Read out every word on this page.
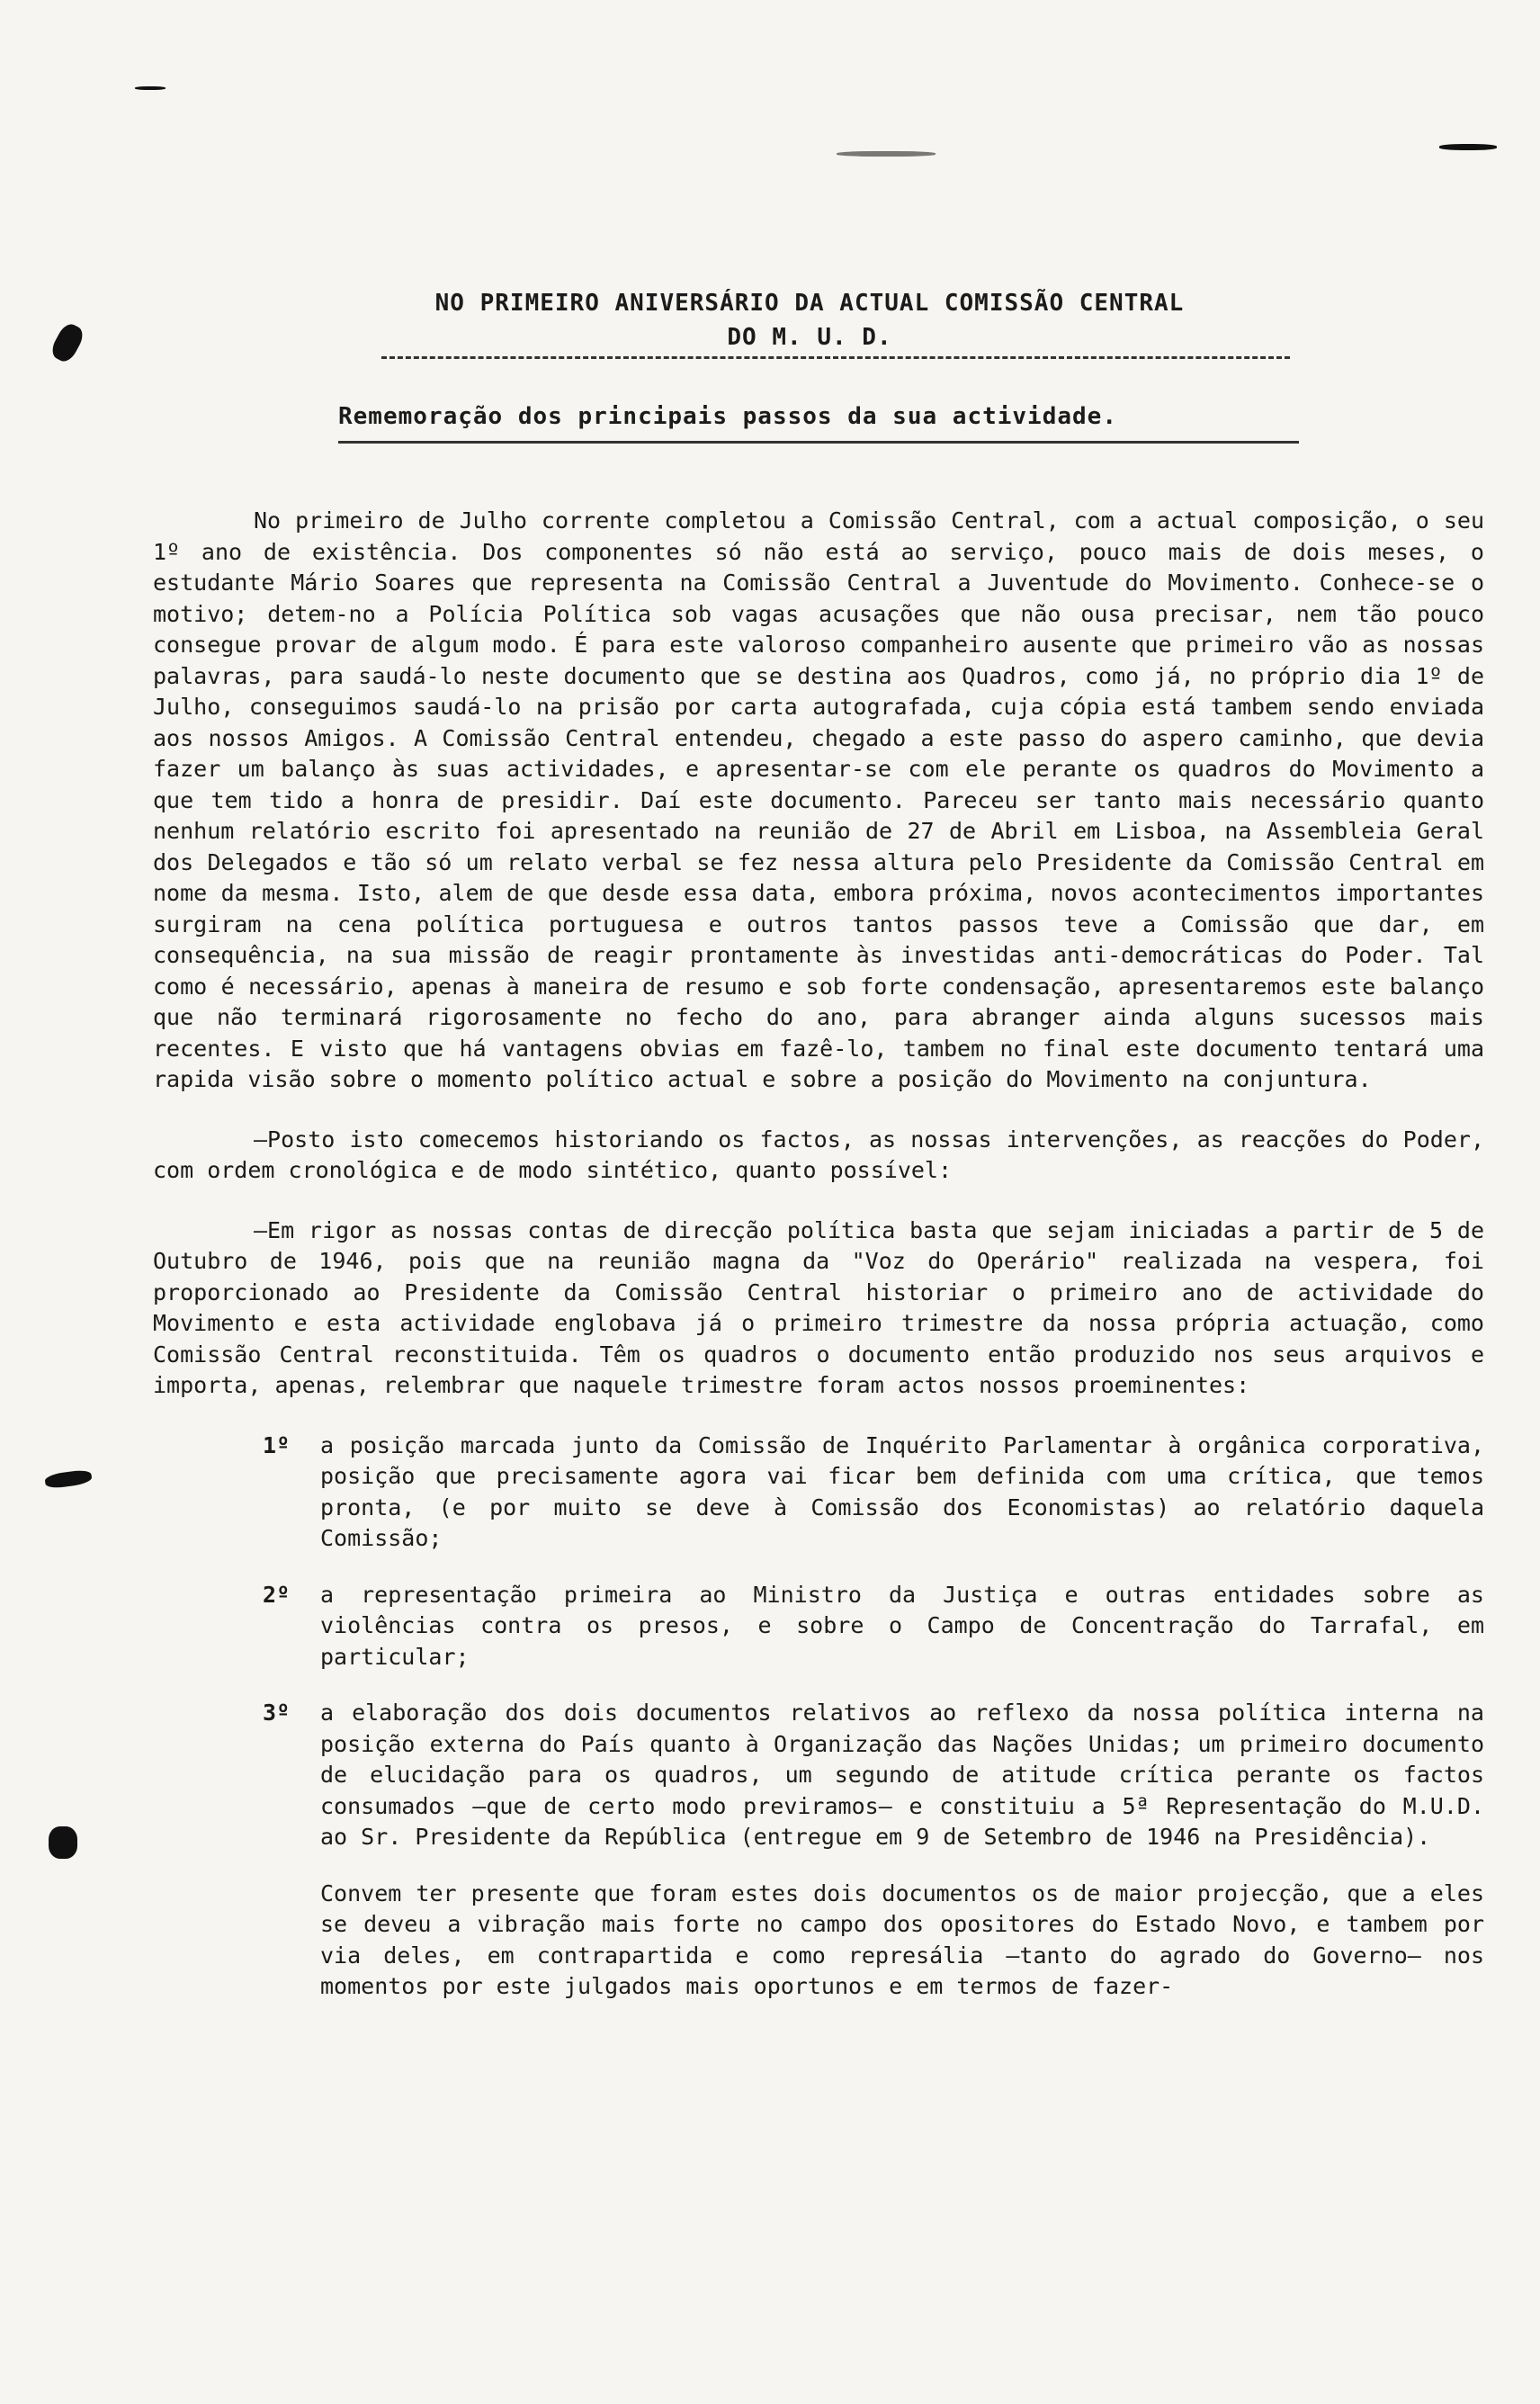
NO PRIMEIRO ANIVERSÁRIO DA ACTUAL COMISSÃO CENTRAL
DO M. U. D.
Rememoração dos principais passos da sua actividade.

No primeiro de Julho corrente completou a Comissão Central, com a actual composição, o seu 1º ano de existência. Dos componentes só não está ao serviço, pouco mais de dois meses, o estudante Mário Soares que representa na Comissão Central a Juventude do Movimento. Conhece-se o motivo; detem-no a Polícia Política sob vagas acusações que não ousa precisar, nem tão pouco consegue provar de algum modo. É para este valoroso companheiro ausente que primeiro vão as nossas palavras, para saudá-lo neste documento que se destina aos Quadros, como já, no próprio dia 1º de Julho, conseguimos saudá-lo na prisão por carta autografada, cuja cópia está tambem sendo enviada aos nossos Amigos. A Comissão Central entendeu, chegado a este passo do aspero caminho, que devia fazer um balanço às suas actividades, e apresentar-se com ele perante os quadros do Movimento a que tem tido a honra de presidir. Daí este documento. Pareceu ser tanto mais necessário quanto nenhum relatório escrito foi apresentado na reunião de 27 de Abril em Lisboa, na Assembleia Geral dos Delegados e tão só um relato verbal se fez nessa altura pelo Presidente da Comissão Central em nome da mesma. Isto, alem de que desde essa data, embora próxima, novos acontecimentos importantes surgiram na cena política portuguesa e outros tantos passos teve a Comissão que dar, em consequência, na sua missão de reagir prontamente às investidas anti-democráticas do Poder. Tal como é necessário, apenas à maneira de resumo e sob forte condensação, apresentaremos este balanço que não terminará rigorosamente no fecho do ano, para abranger ainda alguns sucessos mais recentes. E visto que há vantagens obvias em fazê-lo, tambem no final este documento tentará uma rapida visão sobre o momento político actual e sobre a posição do Movimento na conjuntura.

—Posto isto comecemos historiando os factos, as nossas intervenções, as reacções do Poder, com ordem cronológica e de modo sintético, quanto possível:

—Em rigor as nossas contas de direcção política basta que sejam iniciadas a partir de 5 de Outubro de 1946, pois que na reunião magna da "Voz do Operário" realizada na vespera, foi proporcionado ao Presidente da Comissão Central historiar o primeiro ano de actividade do Movimento e esta actividade englobava já o primeiro trimestre da nossa própria actuação, como Comissão Central reconstituida. Têm os quadros o documento então produzido nos seus arquivos e importa, apenas, relembrar que naquele trimestre foram actos nossos proeminentes:

1º a posição marcada junto da Comissão de Inquérito Parlamentar à orgânica corporativa, posição que precisamente agora vai ficar bem definida com uma crítica, que temos pronta, (e por muito se deve à Comissão dos Economistas) ao relatório daquela Comissão;
2º a representação primeira ao Ministro da Justiça e outras entidades sobre as violências contra os presos, e sobre o Campo de Concentração do Tarrafal, em particular;
3º a elaboração dos dois documentos relativos ao reflexo da nossa política interna na posição externa do País quanto à Organização das Nações Unidas; um primeiro documento de elucidação para os quadros, um segundo de atitude crítica perante os factos consumados —que de certo modo previramos— e constituiu a 5ª Representação do M.U.D. ao Sr. Presidente da República (entregue em 9 de Setembro de 1946 na Presidência).

Convem ter presente que foram estes dois documentos os de maior projecção, que a eles se deveu a vibração mais forte no campo dos opositores do Estado Novo, e tambem por via deles, em contrapartida e como represália —tanto do agrado do Governo— nos momentos por este julgados mais oportunos e em termos de fazer-
